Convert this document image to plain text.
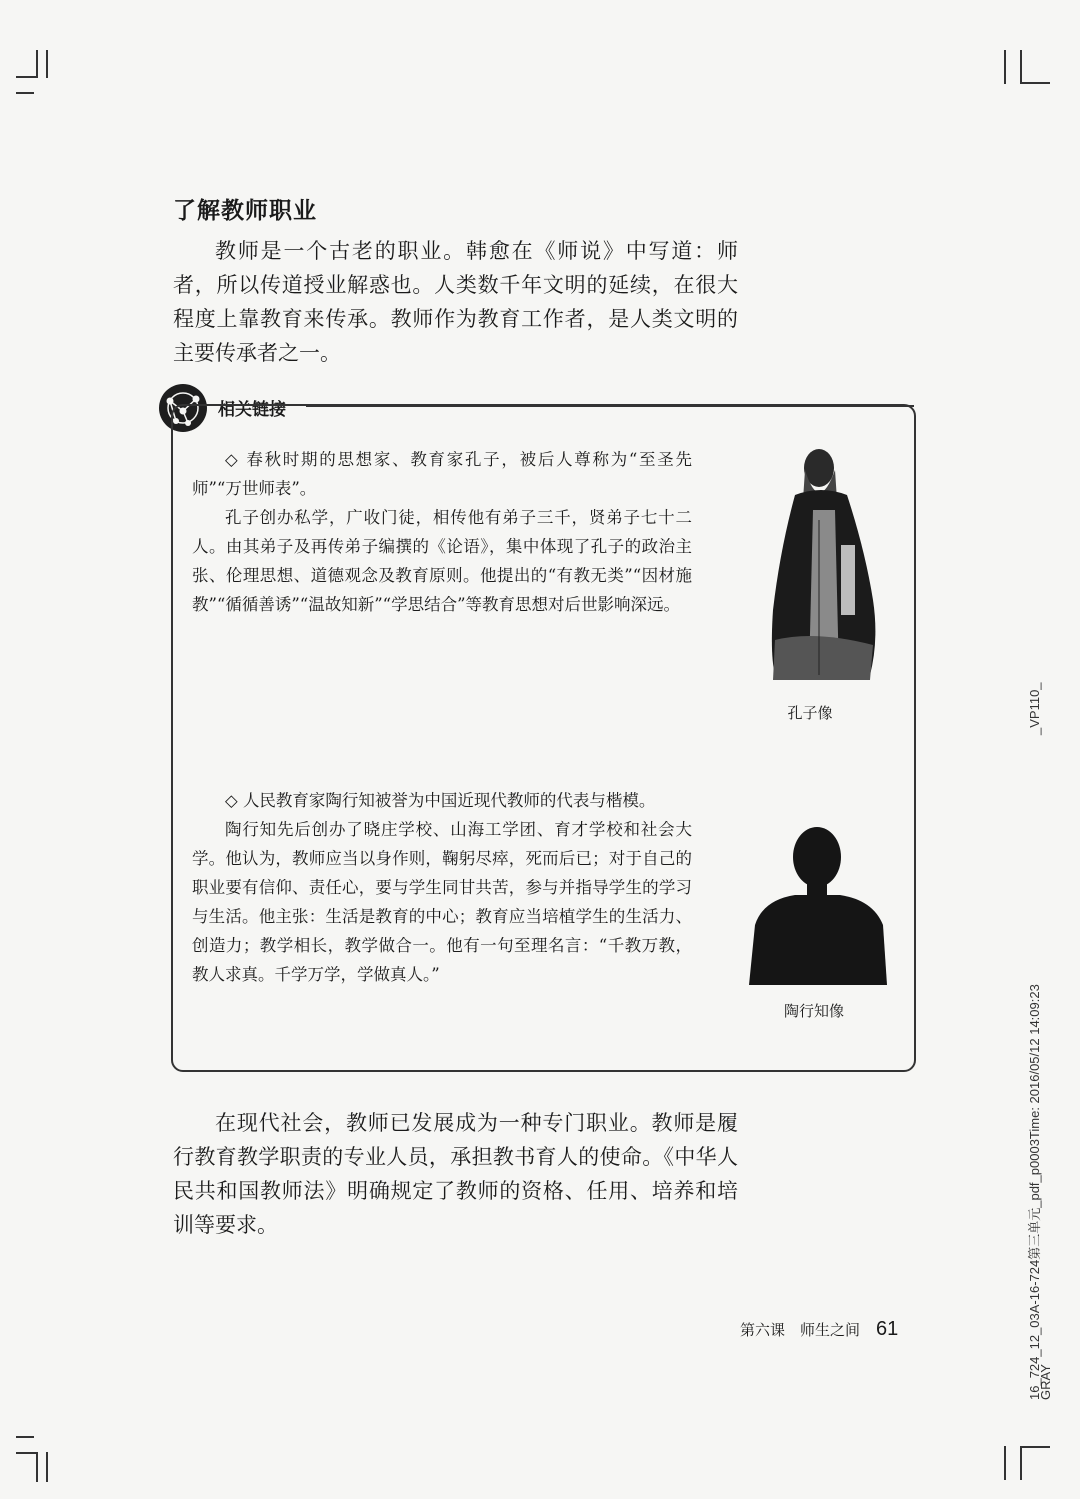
了解教师职业

教师是一个古老的职业。韩愈在《师说》中写道：师者，所以传道授业解惑也。人类数千年文明的延续，在很大程度上靠教育来传承。教师作为教育工作者，是人类文明的主要传承者之一。

相关链接

◇ 春秋时期的思想家、教育家孔子，被后人尊称为“至圣先师”“万世师表”。
孔子创办私学，广收门徒，相传他有弟子三千，贤弟子七十二人。由其弟子及再传弟子编撰的《论语》，集中体现了孔子的政治主张、伦理思想、道德观念及教育原则。他提出的“有教无类”“因材施教”“循循善诱”“温故知新”“学思结合”等教育思想对后世影响深远。

孔子像

◇ 人民教育家陶行知被誉为中国近现代教师的代表与楷模。
陶行知先后创办了晓庄学校、山海工学团、育才学校和社会大学。他认为，教师应当以身作则，鞠躬尽瘁，死而后已；对于自己的职业要有信仰、责任心，要与学生同甘共苦，参与并指导学生的学习与生活。他主张：生活是教育的中心；教育应当培植学生的生活力、创造力；教学相长，教学做合一。他有一句至理名言：“千教万教，教人求真。千学万学，学做真人。”

陶行知像

在现代社会，教师已发展成为一种专门职业。教师是履行教育教学职责的专业人员，承担教书育人的使命。《中华人民共和国教师法》明确规定了教师的资格、任用、培养和培训等要求。

第六课　师生之间 61
_VP110_
16_724_12_03A-16-724第三单元_pdf_p0003Time: 2016/05/12 14:09:23
GRAY
